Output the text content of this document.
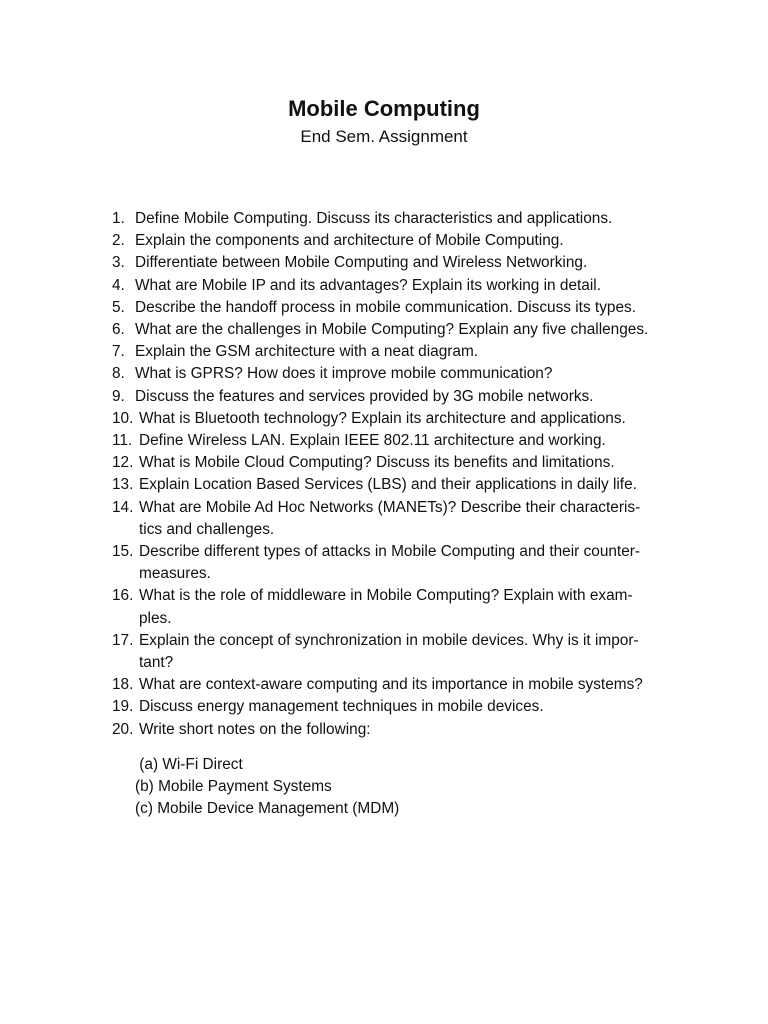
Mobile Computing
End Sem. Assignment
1. Define Mobile Computing. Discuss its characteristics and applications.
2. Explain the components and architecture of Mobile Computing.
3. Differentiate between Mobile Computing and Wireless Networking.
4. What are Mobile IP and its advantages? Explain its working in detail.
5. Describe the handoff process in mobile communication. Discuss its types.
6. What are the challenges in Mobile Computing? Explain any five challenges.
7. Explain the GSM architecture with a neat diagram.
8. What is GPRS? How does it improve mobile communication?
9. Discuss the features and services provided by 3G mobile networks.
10. What is Bluetooth technology? Explain its architecture and applications.
11. Define Wireless LAN. Explain IEEE 802.11 architecture and working.
12. What is Mobile Cloud Computing? Discuss its benefits and limitations.
13. Explain Location Based Services (LBS) and their applications in daily life.
14. What are Mobile Ad Hoc Networks (MANETs)? Describe their characteris-
tics and challenges.
15. Describe different types of attacks in Mobile Computing and their counter-
measures.
16. What is the role of middleware in Mobile Computing? Explain with exam-
ples.
17. Explain the concept of synchronization in mobile devices. Why is it impor-
tant?
18. What are context-aware computing and its importance in mobile systems?
19. Discuss energy management techniques in mobile devices.
20. Write short notes on the following:
(a) Wi-Fi Direct
(b) Mobile Payment Systems
(c) Mobile Device Management (MDM)
